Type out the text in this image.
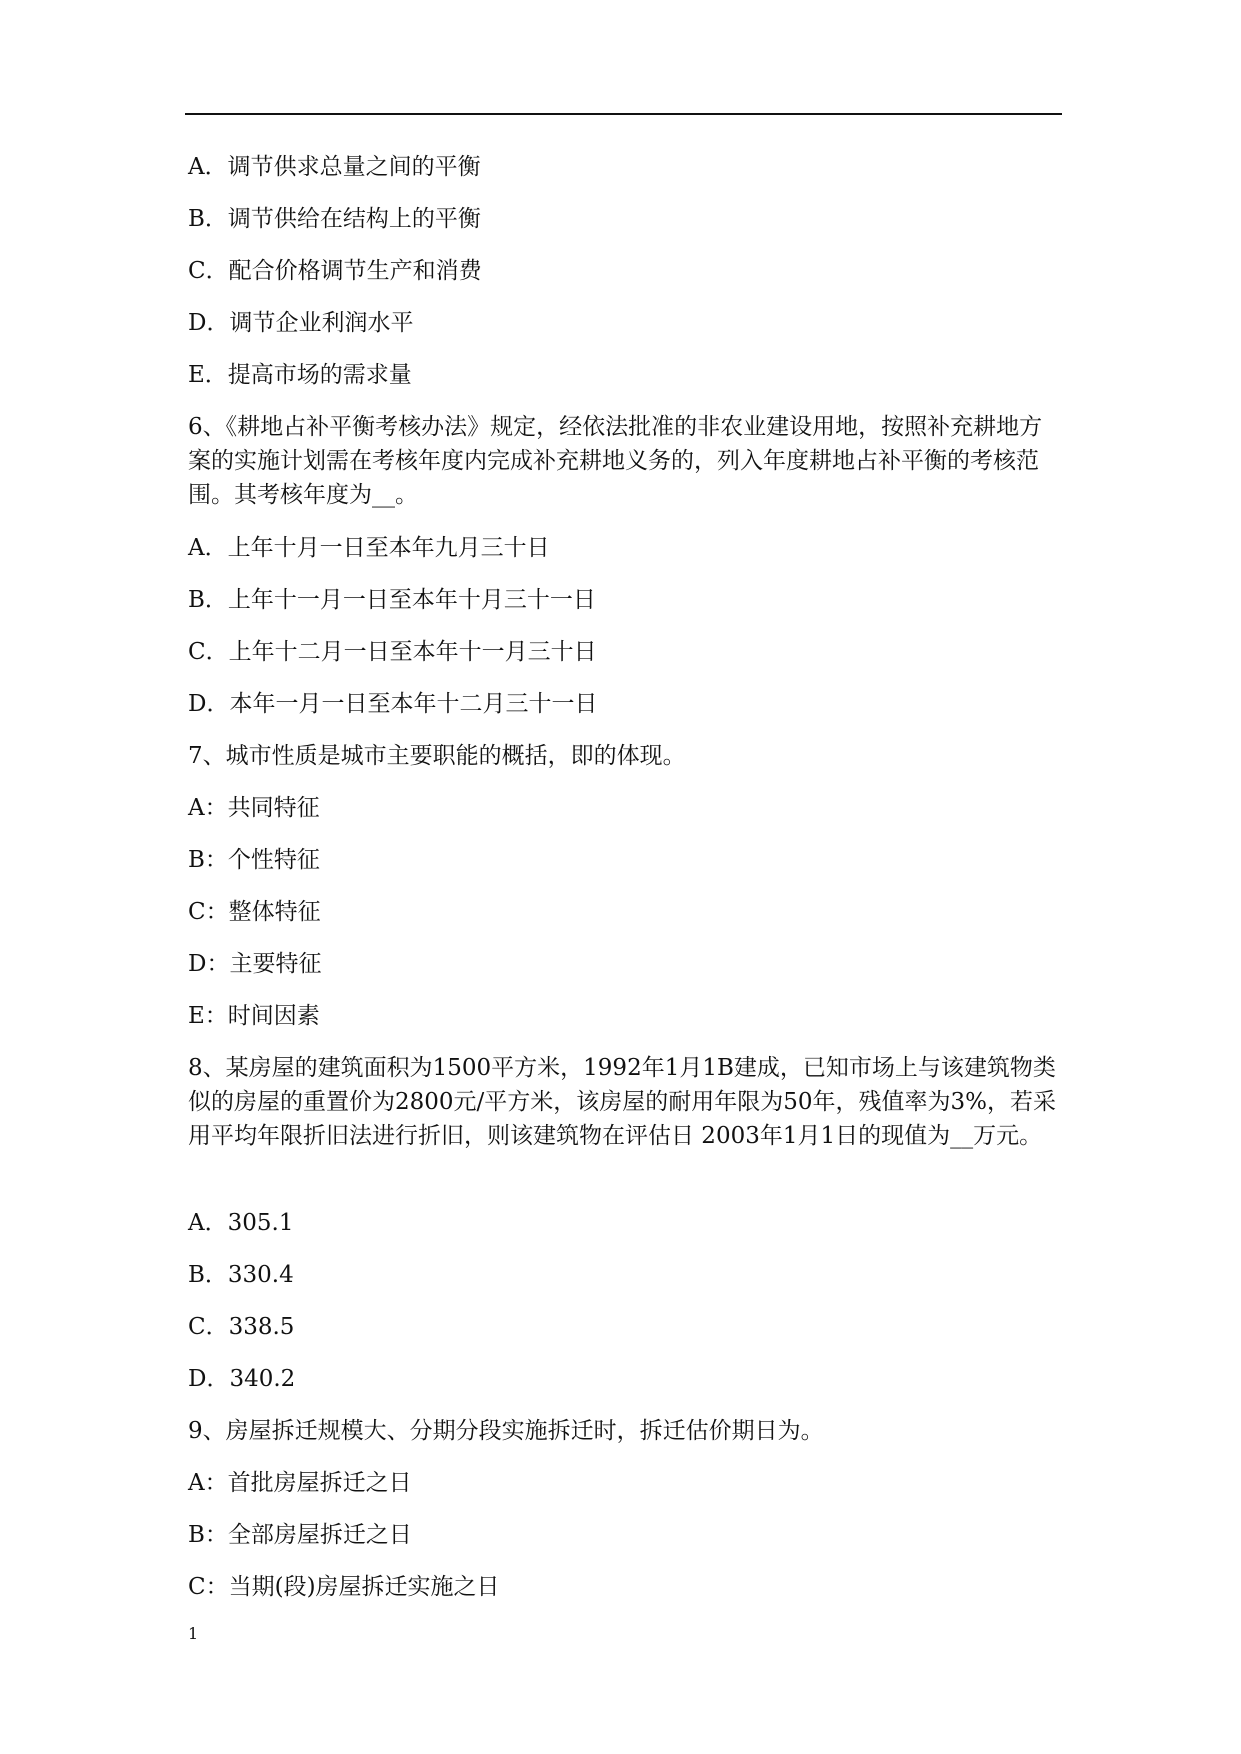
A．调节供求总量之间的平衡
B．调节供给在结构上的平衡
C．配合价格调节生产和消费
D．调节企业利润水平
E．提高市场的需求量
6、《耕地占补平衡考核办法》规定，经依法批准的非农业建设用地，按照补充耕地方案的实施计划需在考核年度内完成补充耕地义务的，列入年度耕地占补平衡的考核范围。其考核年度为__。
A．上年十月一日至本年九月三十日
B．上年十一月一日至本年十月三十一日
C．上年十二月一日至本年十一月三十日
D．本年一月一日至本年十二月三十一日
7、城市性质是城市主要职能的概括，即的体现。
A：共同特征
B：个性特征
C：整体特征
D：主要特征
E：时间因素
8、某房屋的建筑面积为1500平方米，1992年1月1B建成，已知市场上与该建筑物类似的房屋的重置价为2800元/平方米，该房屋的耐用年限为50年，残值率为3%，若采用平均年限折旧法进行折旧，则该建筑物在评估日 2003年1月1日的现值为__万元。
A．305.1
B．330.4
C．338.5
D．340.2
9、房屋拆迁规模大、分期分段实施拆迁时，拆迁估价期日为。
A：首批房屋拆迁之日
B：全部房屋拆迁之日
C：当期(段)房屋拆迁实施之日
1
